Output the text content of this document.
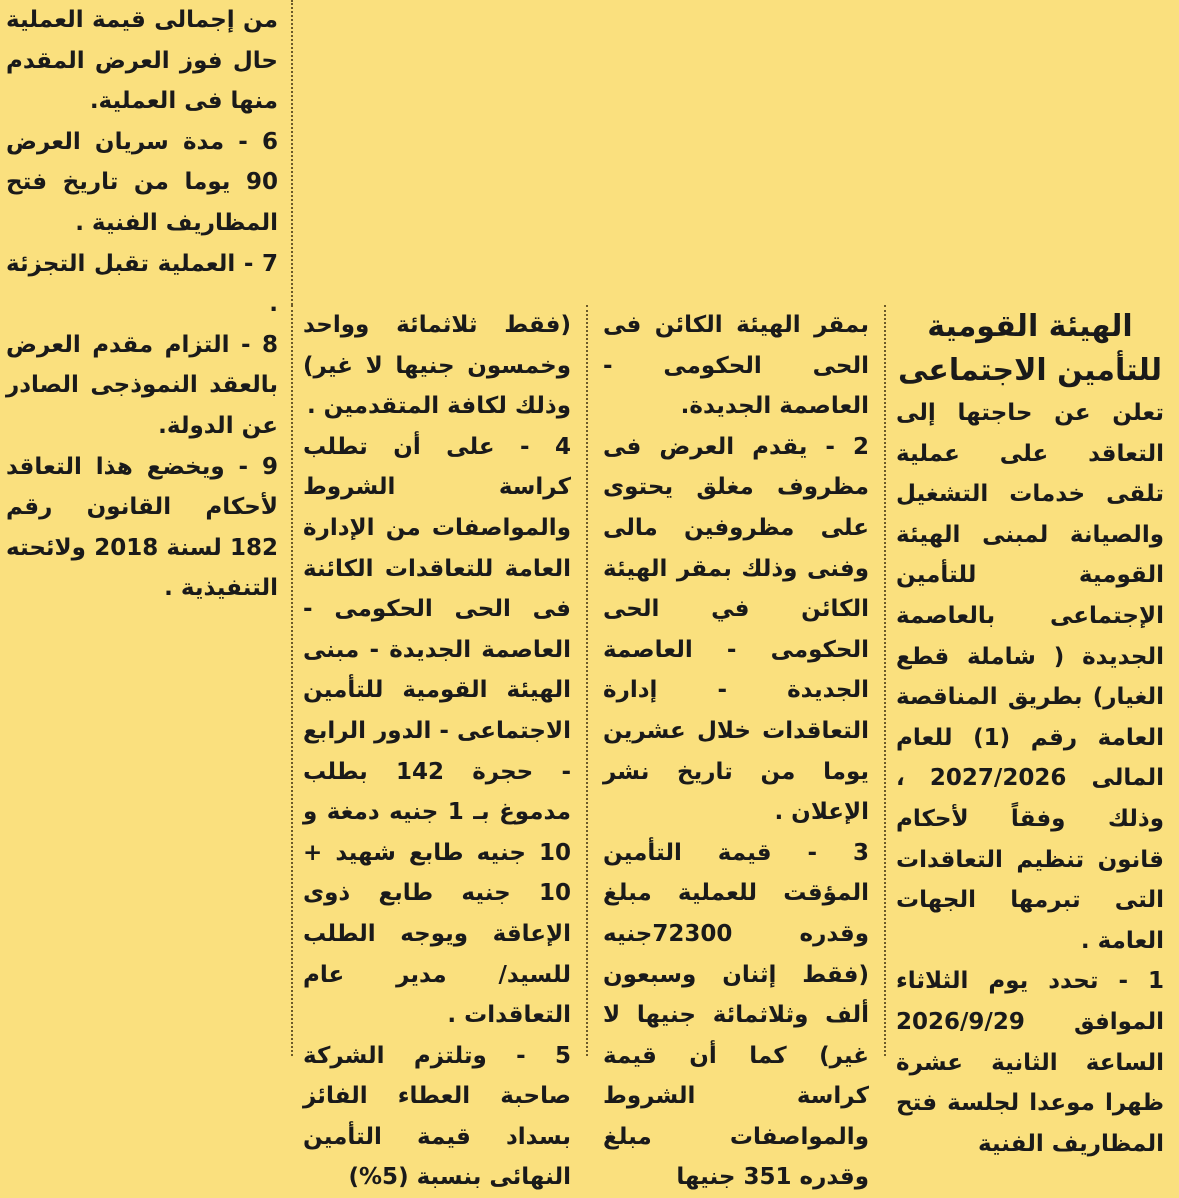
الهيئة القومية
للتأمين الاجتماعى

تعلن عن حاجتها إلى التعاقد على عملية تلقى خدمات التشغيل والصيانة لمبنى الهيئة القومية للتأمين الإجتماعى بالعاصمة الجديدة ( شاملة قطع الغيار) بطريق المناقصة العامة رقم (1) للعام المالى 2027/2026 ، وذلك وفقاً لأحكام قانون تنظيم التعاقدات التى تبرمها الجهات العامة .

1 - تحدد يوم الثلاثاء الموافق 2026/9/29 الساعة الثانية عشرة ظهرا موعدا لجلسة فتح المظاريف الفنية

بمقر الهيئة الكائن فى الحى الحكومى - العاصمة الجديدة.

2 - يقدم العرض فى مظروف مغلق يحتوى على مظروفين مالى وفنى وذلك بمقر الهيئة الكائن في الحى الحكومى - العاصمة الجديدة - إدارة التعاقدات خلال عشرين يوما من تاريخ نشر الإعلان .

3 - قيمة التأمين المؤقت للعملية مبلغ وقدره 72300جنيه (فقط إثنان وسبعون ألف وثلاثمائة جنيها لا غير) كما أن قيمة كراسة الشروط والمواصفات مبلغ وقدره 351 جنيها

(فقط ثلاثمائة وواحد وخمسون جنيها لا غير) وذلك لكافة المتقدمين .

4 - على أن تطلب كراسة الشروط والمواصفات من الإدارة العامة للتعاقدات الكائنة فى الحى الحكومى - العاصمة الجديدة - مبنى الهيئة القومية للتأمين الاجتماعى - الدور الرابع - حجرة 142 بطلب مدموغ بـ 1 جنيه دمغة و 10 جنيه طابع شهيد + 10 جنيه طابع ذوى الإعاقة ويوجه الطلب للسيد/ مدير عام التعاقدات .

5 - وتلتزم الشركة صاحبة العطاء الفائز بسداد قيمة التأمين النهائى بنسبة (5%)

من إجمالى قيمة العملية حال فوز العرض المقدم منها فى العملية.

6 - مدة سريان العرض 90 يوما من تاريخ فتح المظاريف الفنية .

7 - العملية تقبل التجزئة .

8 - التزام مقدم العرض بالعقد النموذجى الصادر عن الدولة.

9 - ويخضع هذا التعاقد لأحكام القانون رقم 182 لسنة 2018 ولائحته التنفيذية .
